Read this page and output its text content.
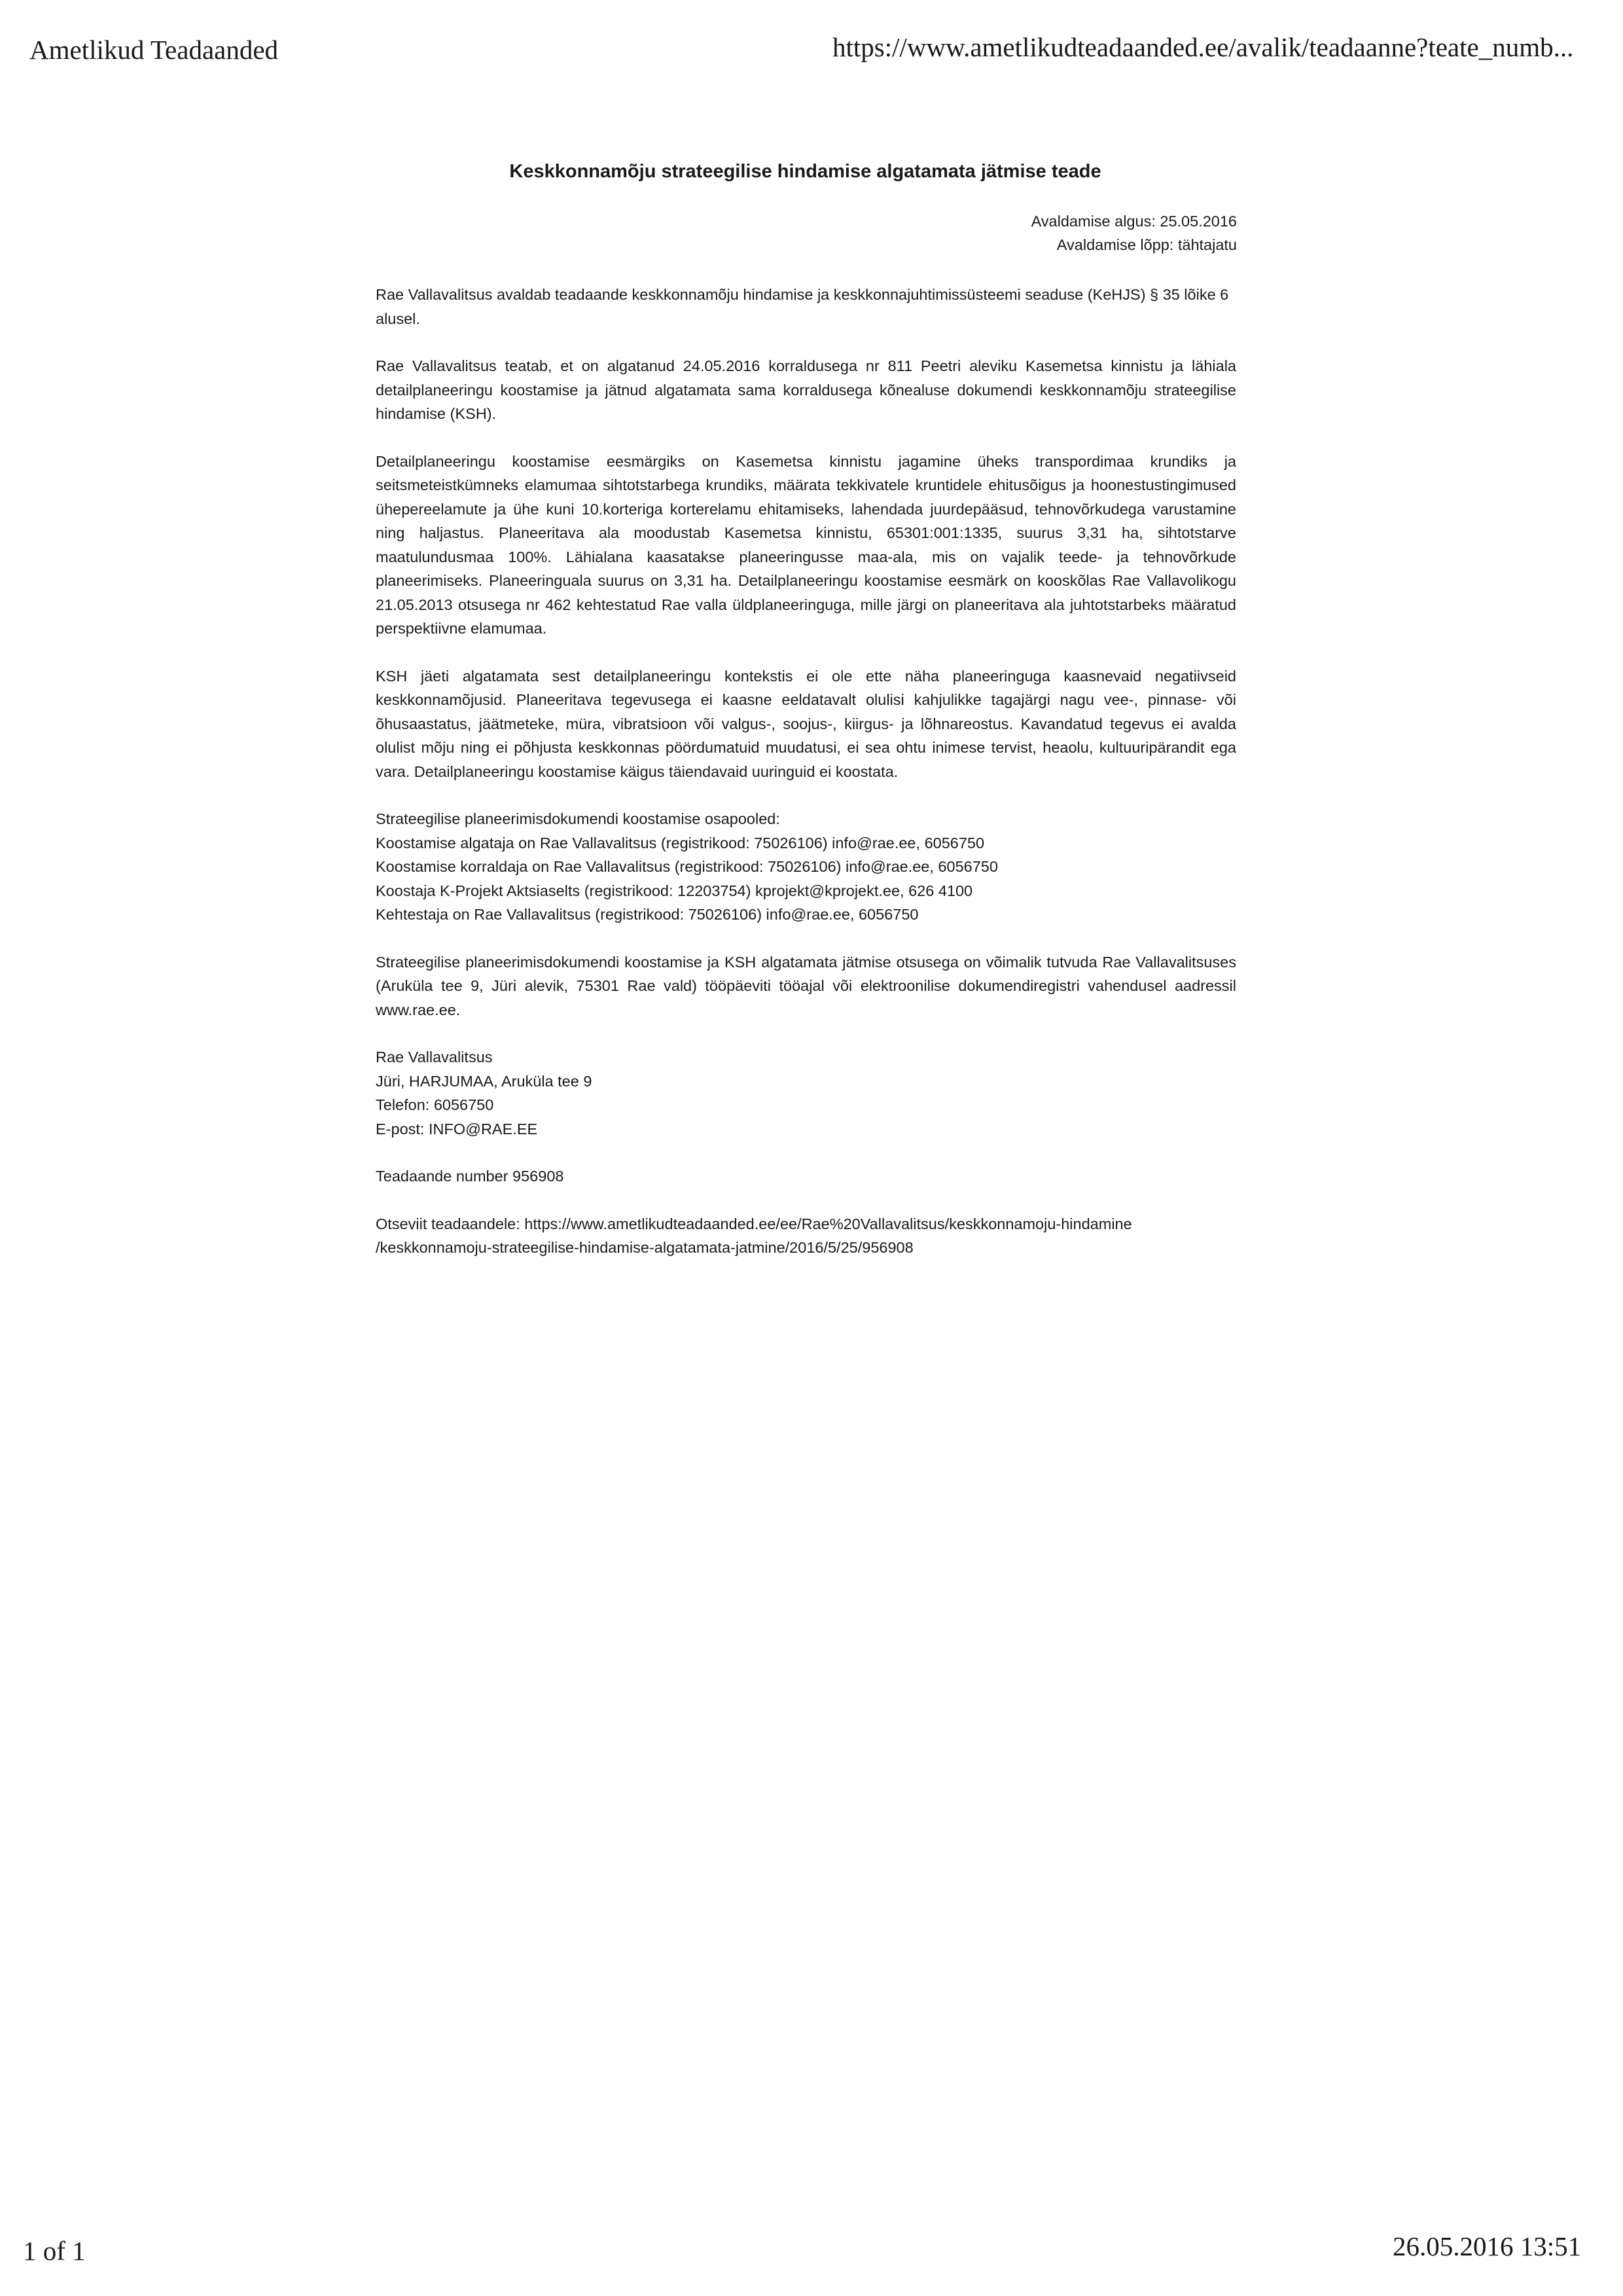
Ametlikud Teadaanded	https://www.ametlikudteadaanded.ee/avalik/teadaanne?teate_numb...
Keskkonnamõju strateegilise hindamise algatamata jätmise teade
Avaldamise algus: 25.05.2016
Avaldamise lõpp: tähtajatu

Rae Vallavalitsus avaldab teadaande keskkonnamõju hindamise ja keskkonnajuhtimissüsteemi seaduse (KeHJS) § 35 lõike 6 alusel.

Rae Vallavalitsus teatab, et on algatanud 24.05.2016 korraldusega nr 811 Peetri aleviku Kasemetsa kinnistu ja lähiala detailplaneeringu koostamise ja jätnud algatamata sama korraldusega kõnealuse dokumendi keskkonnamõju strateegilise hindamise (KSH).

Detailplaneeringu koostamise eesmärgiks on Kasemetsa kinnistu jagamine üheks transpordimaa krundiks ja seitsmeteistkümneks elamumaa sihtotstarbega krundiks, määrata tekkivatele kruntidele ehitusõigus ja hoonestustingimused ühepereelamute ja ühe kuni 10.korteriga korterelamu ehitamiseks, lahendada juurdepääsud, tehnovõrkudega varustamine ning haljastus. Planeeritava ala moodustab Kasemetsa kinnistu, 65301:001:1335, suurus 3,31 ha, sihtotstarve maatulundusmaa 100%. Lähialana kaasatakse planeeringusse maa-ala, mis on vajalik teede- ja tehnovõrkude planeerimiseks. Planeeringuala suurus on 3,31 ha. Detailplaneeringu koostamise eesmärk on kooskõlas Rae Vallavolikogu 21.05.2013 otsusega nr 462 kehtestatud Rae valla üldplaneeringuga, mille järgi on planeeritava ala juhtotstarbeks määratud perspektiivne elamumaa.

KSH jäeti algatamata sest detailplaneeringu kontekstis ei ole ette näha planeeringuga kaasnevaid negatiivseid keskkonnamõjusid. Planeeritava tegevusega ei kaasne eeldatavalt olulisi kahjulikke tagajärgi nagu vee-, pinnase- või õhusaastatus, jäätmeteke, müra, vibratsioon või valgus-, soojus-, kiirgus- ja lõhnareostus. Kavandatud tegevus ei avalda olulist mõju ning ei põhjusta keskkonnas pöördumatuid muudatusi, ei sea ohtu inimese tervist, heaolu, kultuuripärandit ega vara. Detailplaneeringu koostamise käigus täiendavaid uuringuid ei koostata.

Strateegilise planeerimisdokumendi koostamise osapooled:
Koostamise algataja on Rae Vallavalitsus (registrikood: 75026106) info@rae.ee, 6056750
Koostamise korraldaja on Rae Vallavalitsus (registrikood: 75026106) info@rae.ee, 6056750
Koostaja K-Projekt Aktsiaselts (registrikood: 12203754) kprojekt@kprojekt.ee, 626 4100
Kehtestaja on Rae Vallavalitsus (registrikood: 75026106) info@rae.ee, 6056750

Strateegilise planeerimisdokumendi koostamise ja KSH algatamata jätmise otsusega on võimalik tutvuda Rae Vallavalitsuses (Aruküla tee 9, Jüri alevik, 75301 Rae vald) tööpäeviti tööajal või elektroonilise dokumendiregistri vahendusel aadressil www.rae.ee.

Rae Vallavalitsus
Jüri, HARJUMAA, Aruküla tee 9
Telefon: 6056750
E-post: INFO@RAE.EE

Teadaande number 956908

Otseviit teadaandele: https://www.ametlikudteadaanded.ee/ee/Rae%20Vallavalitsus/keskkonnamoju-hindamine
/keskkonnamoju-strateegilise-hindamise-algatamata-jatmine/2016/5/25/956908

1 of 1	26.05.2016 13:51
